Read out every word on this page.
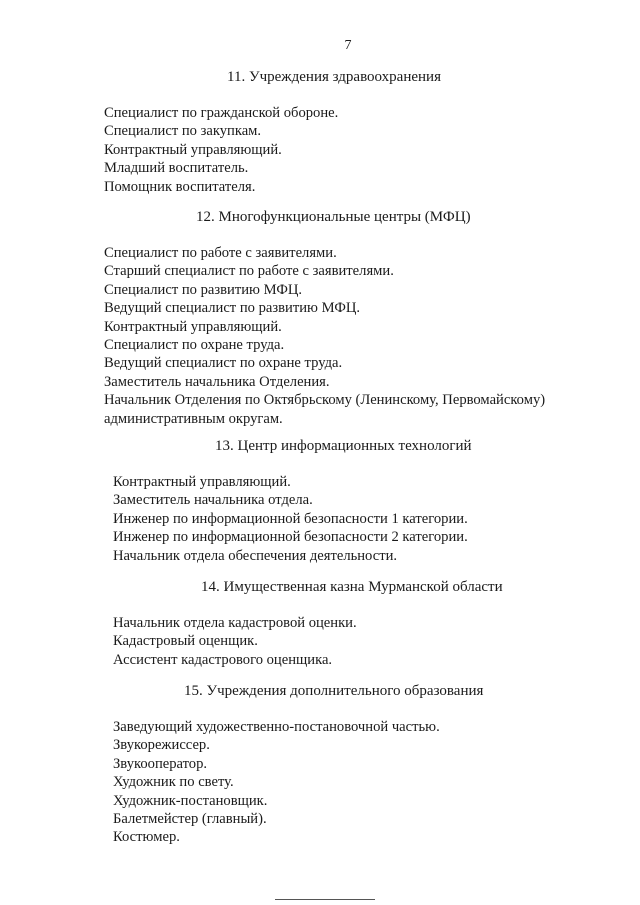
7
11. Учреждения здравоохранения
Специалист по гражданской обороне.
Специалист по закупкам.
Контрактный управляющий.
Младший воспитатель.
Помощник воспитателя.
12. Многофункциональные центры (МФЦ)
Специалист по работе с заявителями.
Старший специалист по работе с заявителями.
Специалист по развитию МФЦ.
Ведущий специалист по развитию МФЦ.
Контрактный управляющий.
Специалист по охране труда.
Ведущий специалист по охране труда.
Заместитель начальника Отделения.
Начальник Отделения по Октябрьскому (Ленинскому, Первомайскому)
административным округам.
13. Центр информационных технологий
Контрактный управляющий.
Заместитель начальника отдела.
Инженер по информационной безопасности 1 категории.
Инженер по информационной безопасности 2 категории.
Начальник отдела обеспечения деятельности.
14. Имущественная казна Мурманской области
Начальник отдела кадастровой оценки.
Кадастровый оценщик.
Ассистент кадастрового оценщика.
15. Учреждения дополнительного образования
Заведующий художественно-постановочной частью.
Звукорежиссер.
Звукооператор.
Художник по свету.
Художник-постановщик.
Балетмейстер (главный).
Костюмер.
